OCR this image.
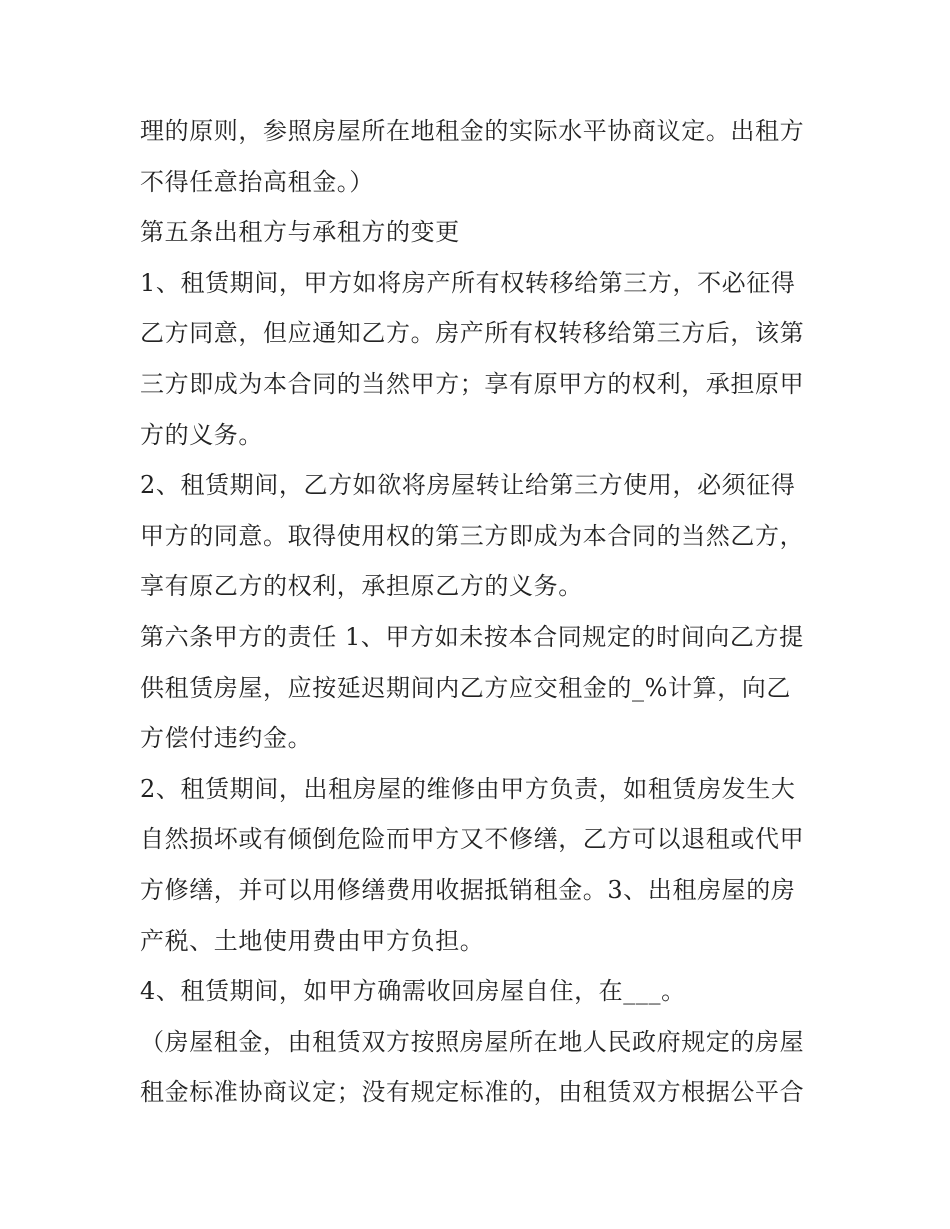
理的原则，参照房屋所在地租金的实际水平协商议定。出租方
不得任意抬高租金。）
第五条出租方与承租方的变更
1、租赁期间，甲方如将房产所有权转移给第三方，不必征得
乙方同意，但应通知乙方。房产所有权转移给第三方后，该第
三方即成为本合同的当然甲方；享有原甲方的权利，承担原甲
方的义务。
2、租赁期间，乙方如欲将房屋转让给第三方使用，必须征得
甲方的同意。取得使用权的第三方即成为本合同的当然乙方，
享有原乙方的权利，承担原乙方的义务。
第六条甲方的责任 1、甲方如未按本合同规定的时间向乙方提
供租赁房屋，应按延迟期间内乙方应交租金的_%计算，向乙
方偿付违约金。
2、租赁期间，出租房屋的维修由甲方负责，如租赁房发生大
自然损坏或有倾倒危险而甲方又不修缮，乙方可以退租或代甲
方修缮，并可以用修缮费用收据抵销租金。3、出租房屋的房
产税、土地使用费由甲方负担。
4、租赁期间，如甲方确需收回房屋自住，在___。
（房屋租金，由租赁双方按照房屋所在地人民政府规定的房屋
租金标准协商议定；没有规定标准的，由租赁双方根据公平合
